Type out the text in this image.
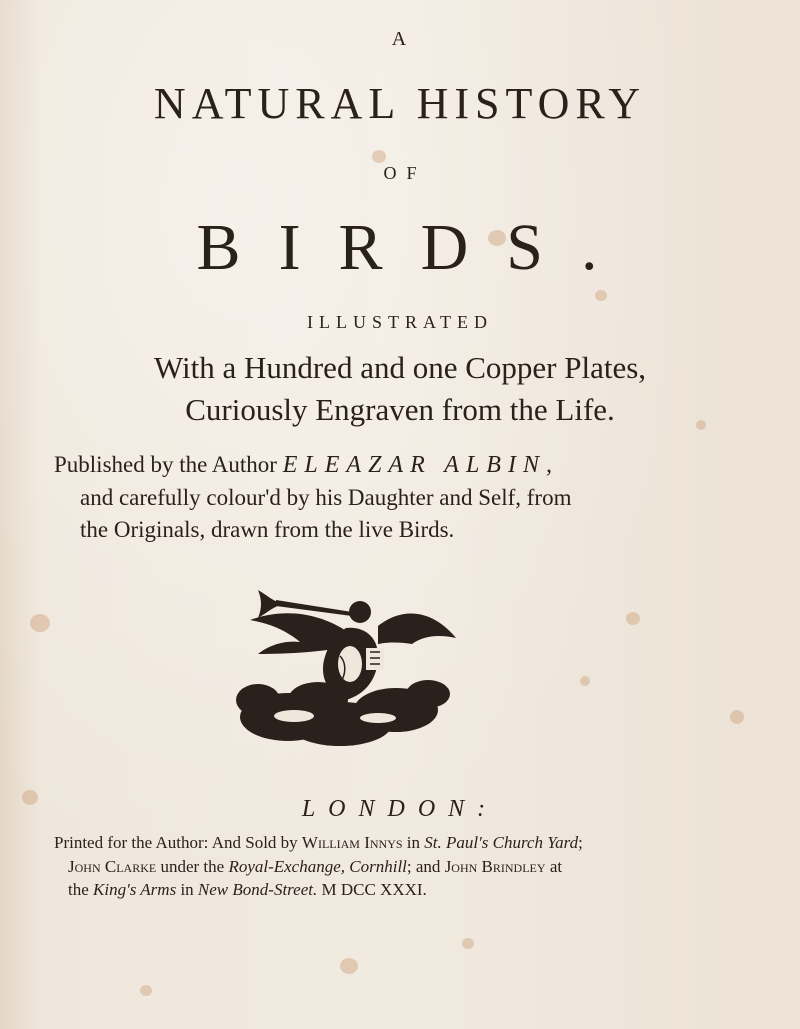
A
NATURAL HISTORY
OF
BIRDS.
ILLUSTRATED
With a Hundred and one Copper Plates,
Curiously Engraven from the Life.
Published by the Author ELEAZAR ALBIN,
and carefully colour'd by his Daughter and Self, from
the Originals, drawn from the live Birds.
LONDON:
Printed for the Author: And Sold by William Innys in St. Paul's Church Yard;
John Clarke under the Royal-Exchange, Cornhill; and John Brindley at
the King's Arms in New Bond-Street. M DCC XXXI.
